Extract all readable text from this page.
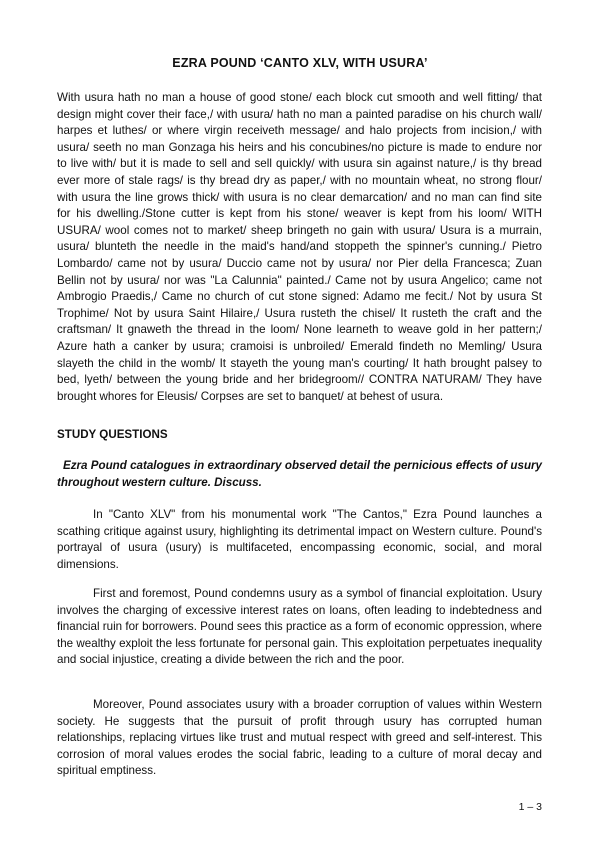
EZRA POUND ‘CANTO XLV, WITH USURA’

With usura hath no man a house of good stone/ each block cut smooth and well fitting/ that design might cover their face,/ with usura/ hath no man a painted paradise on his church wall/ harpes et luthes/ or where virgin receiveth message/ and halo projects from incision,/ with usura/ seeth no man Gonzaga his heirs and his concubines/no picture is made to endure nor to live with/ but it is made to sell and sell quickly/ with usura sin against nature,/ is thy bread ever more of stale rags/ is thy bread dry as paper,/ with no mountain wheat, no strong flour/ with usura the line grows thick/ with usura is no clear demarcation/ and no man can find site for his dwelling./Stone cutter is kept from his stone/ weaver is kept from his loom/ WITH USURA/ wool comes not to market/ sheep bringeth no gain with usura/ Usura is a murrain, usura/ blunteth the needle in the maid's hand/and stoppeth the spinner's cunning./ Pietro Lombardo/ came not by usura/ Duccio came not by usura/ nor Pier della Francesca; Zuan Bellin not by usura/ nor was "La Calunnia" painted./ Came not by usura Angelico; came not Ambrogio Praedis,/ Came no church of cut stone signed: Adamo me fecit./ Not by usura St Trophime/ Not by usura Saint Hilaire,/ Usura rusteth the chisel/ It rusteth the craft and the craftsman/ It gnaweth the thread in the loom/ None learneth to weave gold in her pattern;/ Azure hath a canker by usura; cramoisi is unbroiled/ Emerald findeth no Memling/ Usura slayeth the child in the womb/ It stayeth the young man's courting/ It hath brought palsey to bed, lyeth/ between the young bride and her bridegroom// CONTRA NATURAM/ They have brought whores for Eleusis/ Corpses are set to banquet/ at behest of usura.

STUDY QUESTIONS

Ezra Pound catalogues in extraordinary observed detail the pernicious effects of usury throughout western culture. Discuss.

In "Canto XLV" from his monumental work "The Cantos," Ezra Pound launches a scathing critique against usury, highlighting its detrimental impact on Western culture. Pound's portrayal of usura (usury) is multifaceted, encompassing economic, social, and moral dimensions.

First and foremost, Pound condemns usury as a symbol of financial exploitation. Usury involves the charging of excessive interest rates on loans, often leading to indebtedness and financial ruin for borrowers. Pound sees this practice as a form of economic oppression, where the wealthy exploit the less fortunate for personal gain. This exploitation perpetuates inequality and social injustice, creating a divide between the rich and the poor.

Moreover, Pound associates usury with a broader corruption of values within Western society. He suggests that the pursuit of profit through usury has corrupted human relationships, replacing virtues like trust and mutual respect with greed and self-interest. This corrosion of moral values erodes the social fabric, leading to a culture of moral decay and spiritual emptiness.

1 – 3
